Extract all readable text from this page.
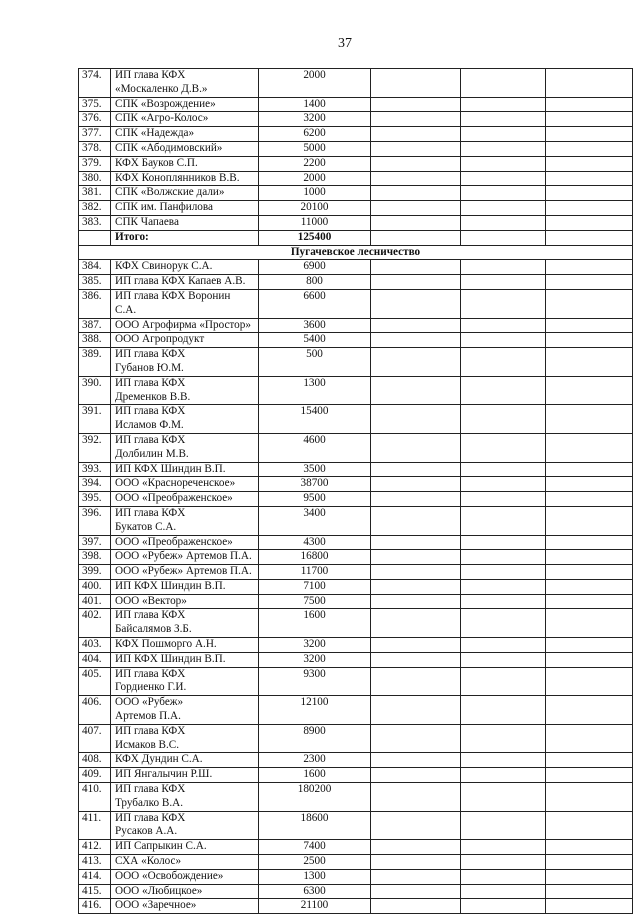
37
374.	ИП глава КФХ
«Москаленко Д.В.»	2000			
375.	СПК «Возрождение»	1400			
376.	СПК «Агро-Колос»	3200			
377.	СПК «Надежда»	6200			
378.	СПК «Абодимовский»	5000			
379.	КФХ Бауков С.П.	2200			
380.	КФХ Коноплянников В.В.	2000			
381.	СПК «Волжские дали»	1000			
382.	СПК им. Панфилова	20100			
383.	СПК Чапаева	11000			
	Итого:	125400			
Пугачевское лесничество					
384.	КФХ Свинорук С.А.	6900			
385.	ИП глава КФХ Капаев А.В.	800			
386.	ИП глава КФХ Воронин С.А.	6600			
387.	ООО Агрофирма «Простор»	3600			
388.	ООО Агропродукт	5400			
389.	ИП глава КФХ
Губанов Ю.М.	500			
390.	ИП глава КФХ
Дременков В.В.	1300			
391.	ИП глава КФХ
Исламов Ф.М.	15400			
392.	ИП глава КФХ
Долбилин М.В.	4600			
393.	ИП КФХ Шиндин В.П.	3500			
394.	ООО «Краснореченское»	38700			
395.	ООО «Преображенское»	9500			
396.	ИП глава КФХ
Букатов С.А.	3400			
397.	ООО «Преображенское»	4300			
398.	ООО «Рубеж» Артемов П.А.	16800			
399.	ООО «Рубеж» Артемов П.А.	11700			
400.	ИП КФХ Шиндин В.П.	7100			
401.	ООО «Вектор»	7500			
402.	ИП глава КФХ
Байсалямов З.Б.	1600			
403.	КФХ Пошморго А.Н.	3200			
404.	ИП КФХ Шиндин В.П.	3200			
405.	ИП глава КФХ
Гордиенко Г.И.	9300			
406.	ООО «Рубеж»
Артемов П.А.	12100			
407.	ИП глава КФХ
Исмаков В.С.	8900			
408.	КФХ Дундин С.А.	2300			
409.	ИП Янгалычин Р.Ш.	1600			
410.	ИП глава КФХ
Трубалко В.А.	180200			
411.	ИП глава КФХ
Русаков А.А.	18600			
412.	ИП Сапрыкин С.А.	7400			
413.	СХА «Колос»	2500			
414.	ООО «Освобождение»	1300			
415.	ООО «Любицкое»	6300			
416.	ООО «Заречное»	21100			
